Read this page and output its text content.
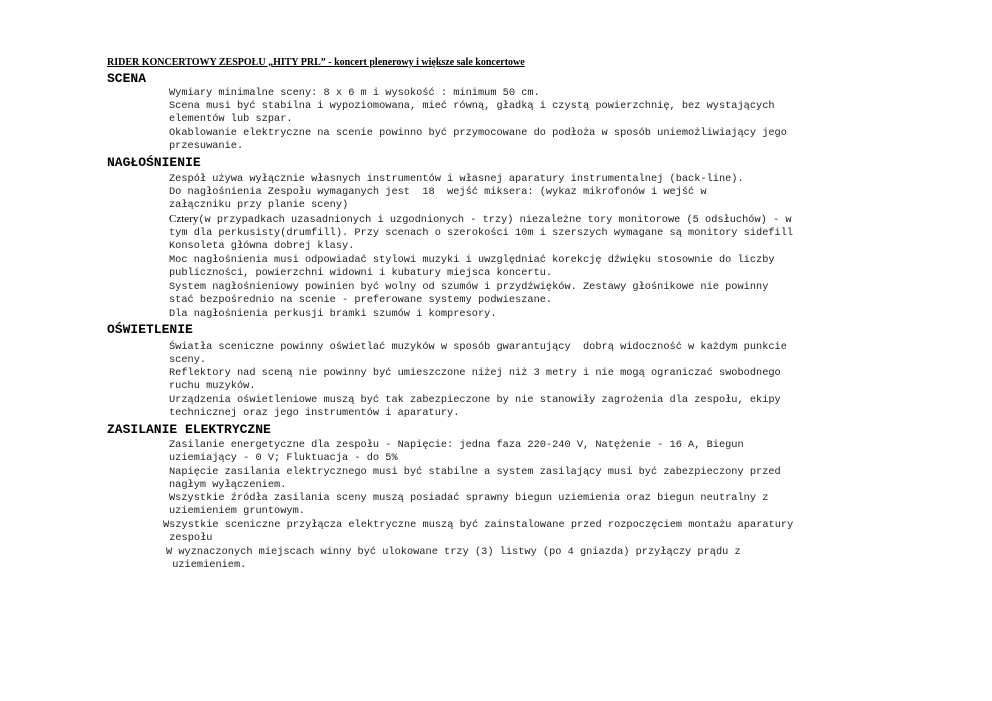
RIDER KONCERTOWY ZESPOŁU „HITY PRL” - koncert plenerowy i większe sale koncertowe
SCENA

Wymiary minimalne sceny: 8 x 6 m i wysokość : minimum 50 cm.

Scena musi być stabilna i wypoziomowana, mieć równą, gładką i czystą powierzchnię, bez wystających
elementów lub szpar.

Okablowanie elektryczne na scenie powinno być przymocowane do podłoża w sposób uniemożliwiający jego
przesuwanie.

NAGŁOŚNIENIE

Zespół używa wyłącznie własnych instrumentów i własnej aparatury instrumentalnej (back-line).

Do nagłośnienia Zespołu wymaganych jest  18  wejść miksera: (wykaz mikrofonów i wejść w
załączniku przy planie sceny)

Cztery(w przypadkach uzasadnionych i uzgodnionych - trzy) niezależne tory monitorowe (5 odsłuchów) - w
tym dla perkusisty(drumfill). Przy scenach o szerokości 10m i szerszych wymagane są monitory sidefill

Konsoleta główna dobrej klasy.

Moc nagłośnienia musi odpowiadać stylowi muzyki i uwzględniać korekcję dźwięku stosownie do liczby
publiczności, powierzchni widowni i kubatury miejsca koncertu.

System nagłośnieniowy powinien być wolny od szumów i przydźwięków. Zestawy głośnikowe nie powinny
stać bezpośrednio na scenie - preferowane systemy podwieszane.

Dla nagłośnienia perkusji bramki szumów i kompresory.

OŚWIETLENIE

Światła sceniczne powinny oświetlać muzyków w sposób gwarantujący  dobrą widoczność w każdym punkcie
sceny.

Reflektory nad sceną nie powinny być umieszczone niżej niż 3 metry i nie mogą ograniczać swobodnego
ruchu muzyków.

Urządzenia oświetleniowe muszą być tak zabezpieczone by nie stanowiły zagrożenia dla zespołu, ekipy
technicznej oraz jego instrumentów i aparatury.

ZASILANIE ELEKTRYCZNE

Zasilanie energetyczne dla zespołu - Napięcie: jedna faza 220-240 V, Natężenie - 16 A, Biegun
uziemiający - 0 V; Fluktuacja - do 5%

Napięcie zasilania elektrycznego musi być stabilne a system zasilający musi być zabezpieczony przed
nagłym wyłączeniem.

Wszystkie źródła zasilania sceny muszą posiadać sprawny biegun uziemienia oraz biegun neutralny z
uziemieniem gruntowym.

Wszystkie sceniczne przyłącza elektryczne muszą być zainstalowane przed rozpoczęciem montażu aparatury
zespołu

W wyznaczonych miejscach winny być ulokowane trzy (3) listwy (po 4 gniazda) przyłączy prądu z
uziemieniem.
